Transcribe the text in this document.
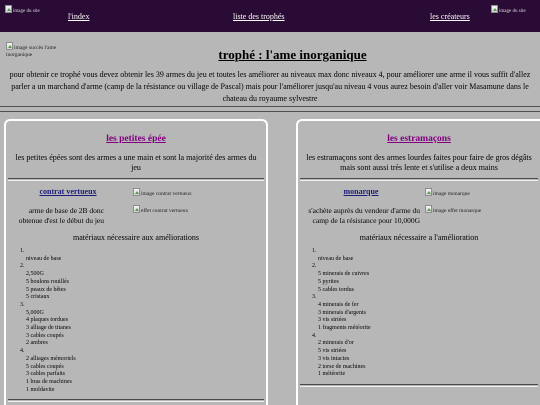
image du site
l'index	liste des trophés	les créateurs
image du site
image succès l'ame inorganique	trophé : l'ame inorganique
pour obtenir ce trophé vous devez obtenir les 39 armes du jeu et toutes les améliorer au niveaux max donc niveaux 4, pour améliorer une arme il vous suffit d'allez parler a un marchand d'arme (camp de la résistance ou village de Pascal) mais pour l'améliorer jusqu'au niveau 4 vous aurez besoin d'aller voir Masamune dans le chateau du royaume sylvestre
les petites épée
les petites épées sont des armes a une main et sont la majorité des armes du jeu
contrat vertueux
arme de base de 2B donc obtenue d'est le début du jeu
image contrat vertueux
effet contrat vertueux
matériaux nécessaire aux améliorations
1.
niveau de base
2.
2,500G
5 boulons rouillés
5 peaux de bêtes
5 cristaux
3.
5,000G
4 plaques tordues
3 alliage de titanes
3 cables coupés
2 ambres
4.
2 alliages mémoriels
5 cables coupés
3 cables parfaits
1 bras de machines
1 moldavite
les estramaçons
les estramaçons sont des armes lourdes faites pour faire de gros dégâts mais sont aussi très lente et s'utilise a deux mains
monarque
s'achète auprès du vendeur d'arme du camp de la résistance pour 10,000G
image monarque
image effet monarque
matériaux nécessaire a l'amélioration
1.
niveau de base
2.
5 minerais de cuivres
5 pyrites
5 cables tordus
3.
4 minerais de fer
3 minerais d'argents
3 vis striées
1 fragments météorite
4.
2 minerais d'or
5 vis striées
3 vis intactes
2 torse de machines
1 météorite
